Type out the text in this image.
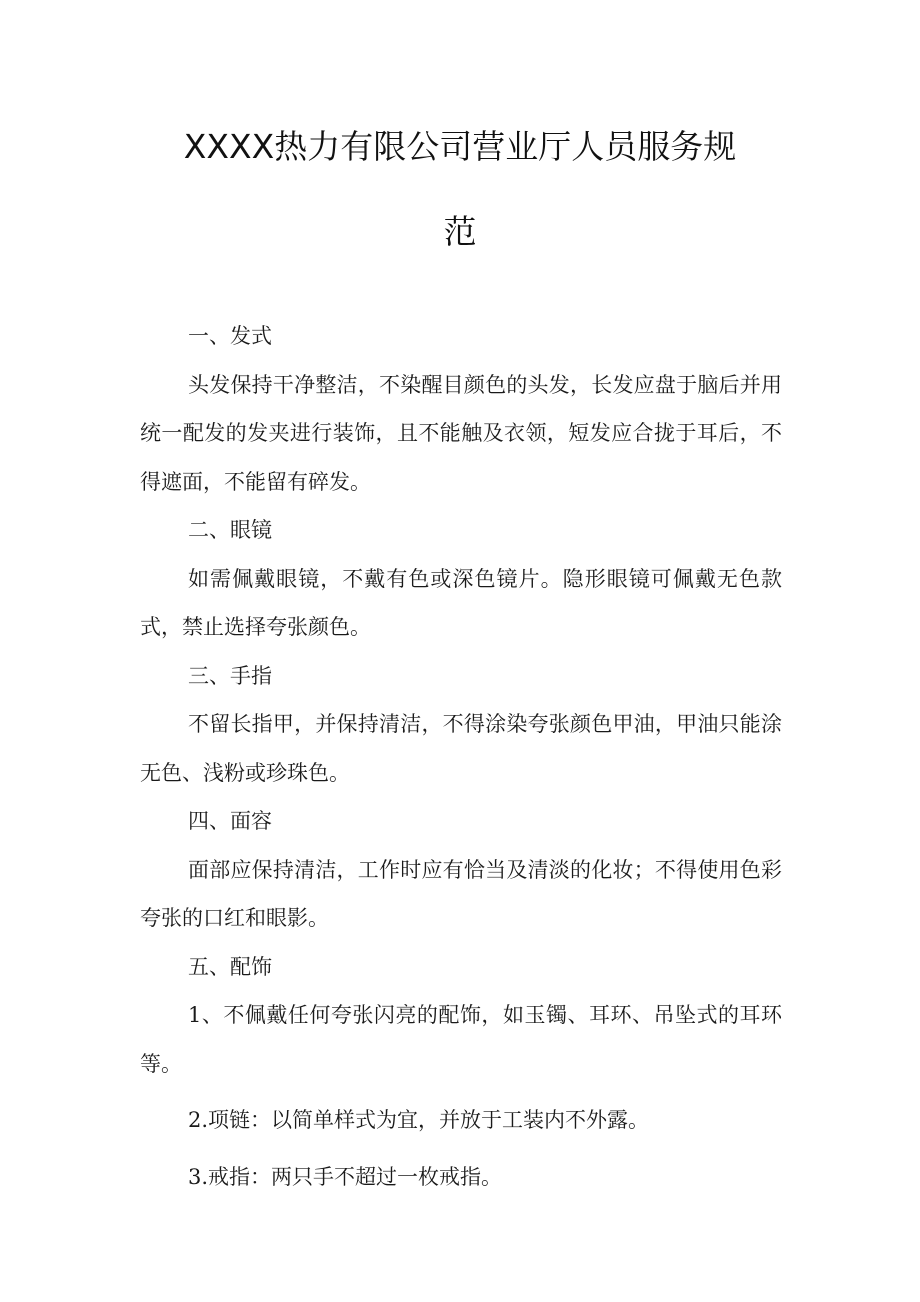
XXXX热力有限公司营业厅人员服务规
范

一、发式

头发保持干净整洁，不染醒目颜色的头发，长发应盘于脑后并用统一配发的发夹进行装饰，且不能触及衣领，短发应合拢于耳后，不得遮面，不能留有碎发。

二、眼镜

如需佩戴眼镜，不戴有色或深色镜片。隐形眼镜可佩戴无色款式，禁止选择夸张颜色。

三、手指

不留长指甲，并保持清洁，不得涂染夸张颜色甲油，甲油只能涂无色、浅粉或珍珠色。

四、面容

面部应保持清洁，工作时应有恰当及清淡的化妆；不得使用色彩夸张的口红和眼影。

五、配饰

1、不佩戴任何夸张闪亮的配饰，如玉镯、耳环、吊坠式的耳环等。

2.项链：以简单样式为宜，并放于工装内不外露。

3.戒指：两只手不超过一枚戒指。
